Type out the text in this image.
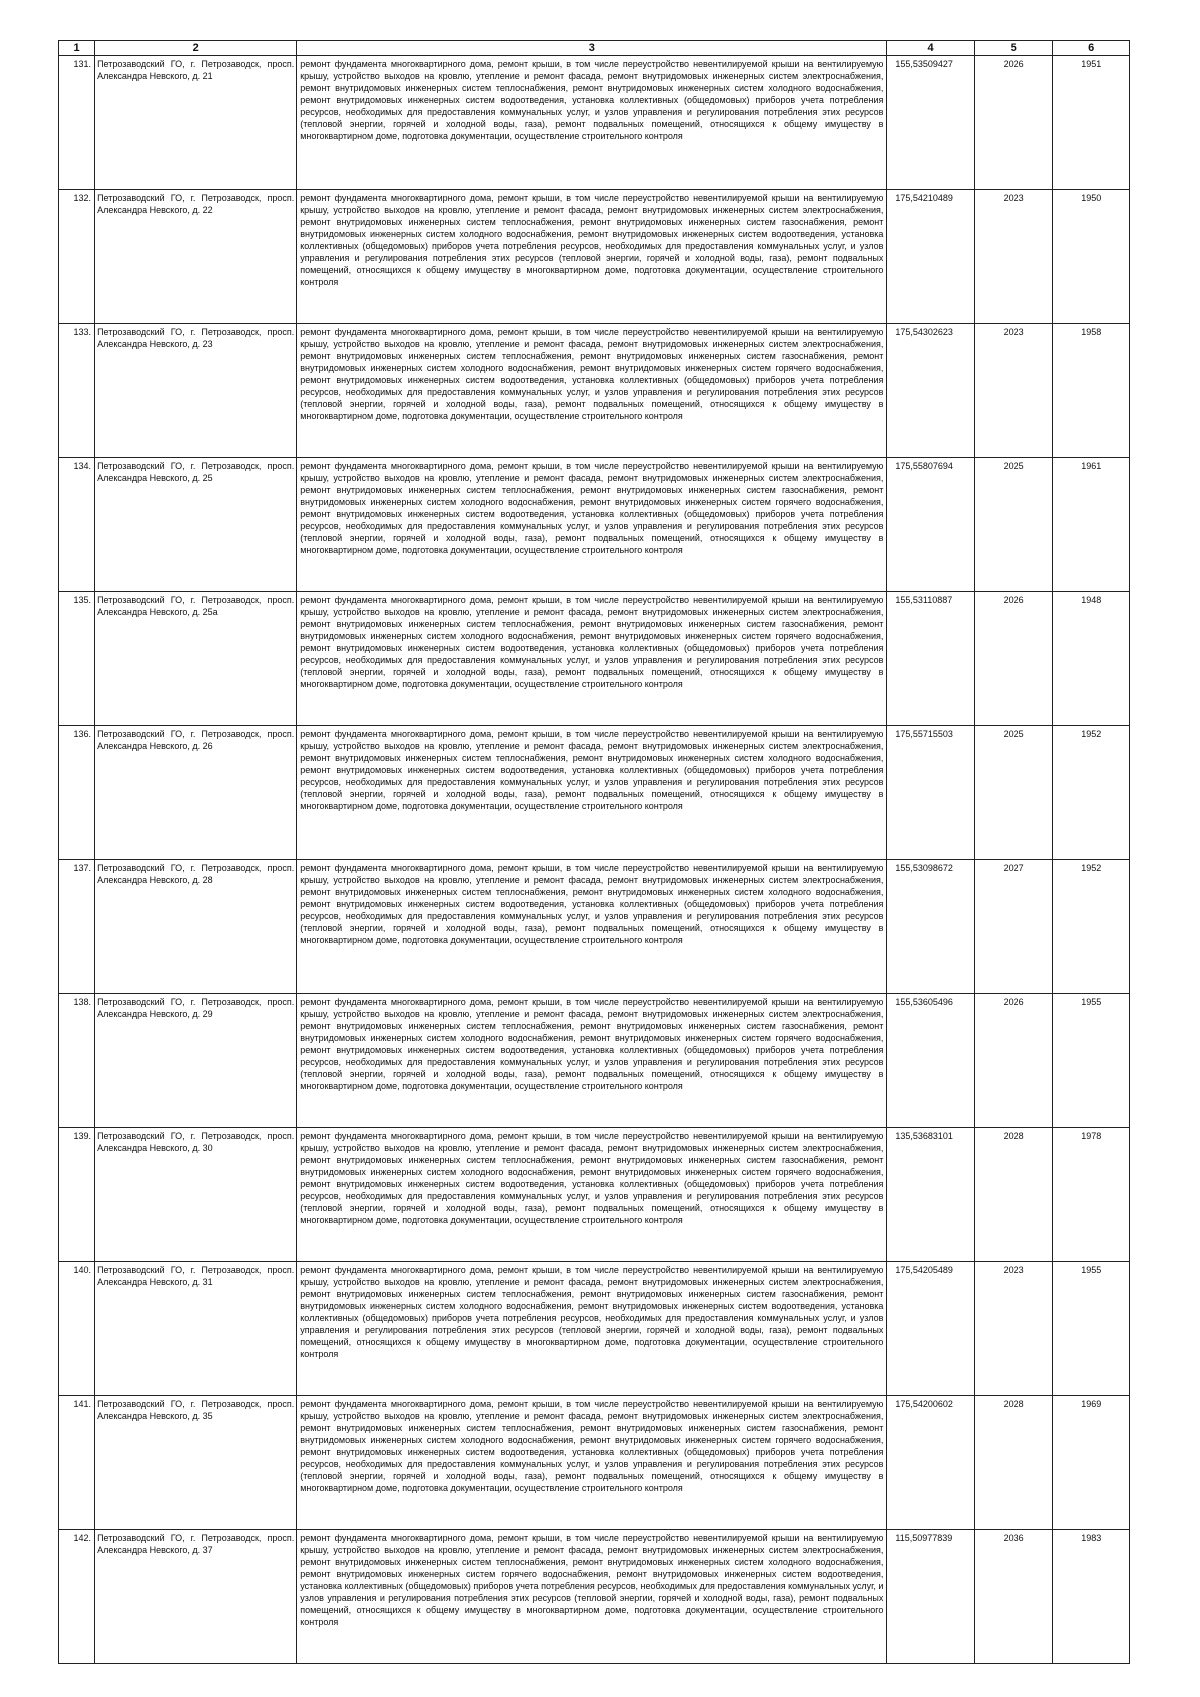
1	2	3	4	5	6
131.	Петрозаводский ГО, г. Петрозаводск, просп. Александра Невского, д. 21	ремонт фундамента многоквартирного дома, ремонт крыши, в том числе переустройство невентилируемой крыши на вентилируемую крышу, устройство выходов на кровлю, утепление и ремонт фасада, ремонт внутридомовых инженерных систем электроснабжения, ремонт внутридомовых инженерных систем теплоснабжения, ремонт внутридомовых инженерных систем холодного водоснабжения, ремонт внутридомовых инженерных систем водоотведения, установка коллективных (общедомовых) приборов учета потребления ресурсов, необходимых для предоставления коммунальных услуг, и узлов управления и регулирования потребления этих ресурсов (тепловой энергии, горячей и холодной воды, газа), ремонт подвальных помещений, относящихся к общему имуществу в многоквартирном доме, подготовка документации, осуществление строительного контроля	155,53509427	2026	1951
132.	Петрозаводский ГО, г. Петрозаводск, просп. Александра Невского, д. 22	ремонт фундамента многоквартирного дома, ремонт крыши, в том числе переустройство невентилируемой крыши на вентилируемую крышу, устройство выходов на кровлю, утепление и ремонт фасада, ремонт внутридомовых инженерных систем электроснабжения, ремонт внутридомовых инженерных систем теплоснабжения, ремонт внутридомовых инженерных систем газоснабжения, ремонт внутридомовых инженерных систем холодного водоснабжения, ремонт внутридомовых инженерных систем водоотведения, установка коллективных (общедомовых) приборов учета потребления ресурсов, необходимых для предоставления коммунальных услуг, и узлов управления и регулирования потребления этих ресурсов (тепловой энергии, горячей и холодной воды, газа), ремонт подвальных помещений, относящихся к общему имуществу в многоквартирном доме, подготовка документации, осуществление строительного контроля	175,54210489	2023	1950
133.	Петрозаводский ГО, г. Петрозаводск, просп. Александра Невского, д. 23	ремонт фундамента многоквартирного дома, ремонт крыши, в том числе переустройство невентилируемой крыши на вентилируемую крышу, устройство выходов на кровлю, утепление и ремонт фасада, ремонт внутридомовых инженерных систем электроснабжения, ремонт внутридомовых инженерных систем теплоснабжения, ремонт внутридомовых инженерных систем газоснабжения, ремонт внутридомовых инженерных систем холодного водоснабжения, ремонт внутридомовых инженерных систем горячего водоснабжения, ремонт внутридомовых инженерных систем водоотведения, установка коллективных (общедомовых) приборов учета потребления ресурсов, необходимых для предоставления коммунальных услуг, и узлов управления и регулирования потребления этих ресурсов (тепловой энергии, горячей и холодной воды, газа), ремонт подвальных помещений, относящихся к общему имуществу в многоквартирном доме, подготовка документации, осуществление строительного контроля	175,54302623	2023	1958
134.	Петрозаводский ГО, г. Петрозаводск, просп. Александра Невского, д. 25	ремонт фундамента многоквартирного дома, ремонт крыши, в том числе переустройство невентилируемой крыши на вентилируемую крышу, устройство выходов на кровлю, утепление и ремонт фасада, ремонт внутридомовых инженерных систем электроснабжения, ремонт внутридомовых инженерных систем теплоснабжения, ремонт внутридомовых инженерных систем газоснабжения, ремонт внутридомовых инженерных систем холодного водоснабжения, ремонт внутридомовых инженерных систем горячего водоснабжения, ремонт внутридомовых инженерных систем водоотведения, установка коллективных (общедомовых) приборов учета потребления ресурсов, необходимых для предоставления коммунальных услуг, и узлов управления и регулирования потребления этих ресурсов (тепловой энергии, горячей и холодной воды, газа), ремонт подвальных помещений, относящихся к общему имуществу в многоквартирном доме, подготовка документации, осуществление строительного контроля	175,55807694	2025	1961
135.	Петрозаводский ГО, г. Петрозаводск, просп. Александра Невского, д. 25а	ремонт фундамента многоквартирного дома, ремонт крыши, в том числе переустройство невентилируемой крыши на вентилируемую крышу, устройство выходов на кровлю, утепление и ремонт фасада, ремонт внутридомовых инженерных систем электроснабжения, ремонт внутридомовых инженерных систем теплоснабжения, ремонт внутридомовых инженерных систем газоснабжения, ремонт внутридомовых инженерных систем холодного водоснабжения, ремонт внутридомовых инженерных систем горячего водоснабжения, ремонт внутридомовых инженерных систем водоотведения, установка коллективных (общедомовых) приборов учета потребления ресурсов, необходимых для предоставления коммунальных услуг, и узлов управления и регулирования потребления этих ресурсов (тепловой энергии, горячей и холодной воды, газа), ремонт подвальных помещений, относящихся к общему имуществу в многоквартирном доме, подготовка документации, осуществление строительного контроля	155,53110887	2026	1948
136.	Петрозаводский ГО, г. Петрозаводск, просп. Александра Невского, д. 26	ремонт фундамента многоквартирного дома, ремонт крыши, в том числе переустройство невентилируемой крыши на вентилируемую крышу, устройство выходов на кровлю, утепление и ремонт фасада, ремонт внутридомовых инженерных систем электроснабжения, ремонт внутридомовых инженерных систем теплоснабжения, ремонт внутридомовых инженерных систем холодного водоснабжения, ремонт внутридомовых инженерных систем водоотведения, установка коллективных (общедомовых) приборов учета потребления ресурсов, необходимых для предоставления коммунальных услуг, и узлов управления и регулирования потребления этих ресурсов (тепловой энергии, горячей и холодной воды, газа), ремонт подвальных помещений, относящихся к общему имуществу в многоквартирном доме, подготовка документации, осуществление строительного контроля	175,55715503	2025	1952
137.	Петрозаводский ГО, г. Петрозаводск, просп. Александра Невского, д. 28	ремонт фундамента многоквартирного дома, ремонт крыши, в том числе переустройство невентилируемой крыши на вентилируемую крышу, устройство выходов на кровлю, утепление и ремонт фасада, ремонт внутридомовых инженерных систем электроснабжения, ремонт внутридомовых инженерных систем теплоснабжения, ремонт внутридомовых инженерных систем холодного водоснабжения, ремонт внутридомовых инженерных систем водоотведения, установка коллективных (общедомовых) приборов учета потребления ресурсов, необходимых для предоставления коммунальных услуг, и узлов управления и регулирования потребления этих ресурсов (тепловой энергии, горячей и холодной воды, газа), ремонт подвальных помещений, относящихся к общему имуществу в многоквартирном доме, подготовка документации, осуществление строительного контроля	155,53098672	2027	1952
138.	Петрозаводский ГО, г. Петрозаводск, просп. Александра Невского, д. 29	ремонт фундамента многоквартирного дома, ремонт крыши, в том числе переустройство невентилируемой крыши на вентилируемую крышу, устройство выходов на кровлю, утепление и ремонт фасада, ремонт внутридомовых инженерных систем электроснабжения, ремонт внутридомовых инженерных систем теплоснабжения, ремонт внутридомовых инженерных систем газоснабжения, ремонт внутридомовых инженерных систем холодного водоснабжения, ремонт внутридомовых инженерных систем горячего водоснабжения, ремонт внутридомовых инженерных систем водоотведения, установка коллективных (общедомовых) приборов учета потребления ресурсов, необходимых для предоставления коммунальных услуг, и узлов управления и регулирования потребления этих ресурсов (тепловой энергии, горячей и холодной воды, газа), ремонт подвальных помещений, относящихся к общему имуществу в многоквартирном доме, подготовка документации, осуществление строительного контроля	155,53605496	2026	1955
139.	Петрозаводский ГО, г. Петрозаводск, просп. Александра Невского, д. 30	ремонт фундамента многоквартирного дома, ремонт крыши, в том числе переустройство невентилируемой крыши на вентилируемую крышу, устройство выходов на кровлю, утепление и ремонт фасада, ремонт внутридомовых инженерных систем электроснабжения, ремонт внутридомовых инженерных систем теплоснабжения, ремонт внутридомовых инженерных систем газоснабжения, ремонт внутридомовых инженерных систем холодного водоснабжения, ремонт внутридомовых инженерных систем горячего водоснабжения, ремонт внутридомовых инженерных систем водоотведения, установка коллективных (общедомовых) приборов учета потребления ресурсов, необходимых для предоставления коммунальных услуг, и узлов управления и регулирования потребления этих ресурсов (тепловой энергии, горячей и холодной воды, газа), ремонт подвальных помещений, относящихся к общему имуществу в многоквартирном доме, подготовка документации, осуществление строительного контроля	135,53683101	2028	1978
140.	Петрозаводский ГО, г. Петрозаводск, просп. Александра Невского, д. 31	ремонт фундамента многоквартирного дома, ремонт крыши, в том числе переустройство невентилируемой крыши на вентилируемую крышу, устройство выходов на кровлю, утепление и ремонт фасада, ремонт внутридомовых инженерных систем электроснабжения, ремонт внутридомовых инженерных систем теплоснабжения, ремонт внутридомовых инженерных систем газоснабжения, ремонт внутридомовых инженерных систем холодного водоснабжения, ремонт внутридомовых инженерных систем водоотведения, установка коллективных (общедомовых) приборов учета потребления ресурсов, необходимых для предоставления коммунальных услуг, и узлов управления и регулирования потребления этих ресурсов (тепловой энергии, горячей и холодной воды, газа), ремонт подвальных помещений, относящихся к общему имуществу в многоквартирном доме, подготовка документации, осуществление строительного контроля	175,54205489	2023	1955
141.	Петрозаводский ГО, г. Петрозаводск, просп. Александра Невского, д. 35	ремонт фундамента многоквартирного дома, ремонт крыши, в том числе переустройство невентилируемой крыши на вентилируемую крышу, устройство выходов на кровлю, утепление и ремонт фасада, ремонт внутридомовых инженерных систем электроснабжения, ремонт внутридомовых инженерных систем теплоснабжения, ремонт внутридомовых инженерных систем газоснабжения, ремонт внутридомовых инженерных систем холодного водоснабжения, ремонт внутридомовых инженерных систем горячего водоснабжения, ремонт внутридомовых инженерных систем водоотведения, установка коллективных (общедомовых) приборов учета потребления ресурсов, необходимых для предоставления коммунальных услуг, и узлов управления и регулирования потребления этих ресурсов (тепловой энергии, горячей и холодной воды, газа), ремонт подвальных помещений, относящихся к общему имуществу в многоквартирном доме, подготовка документации, осуществление строительного контроля	175,54200602	2028	1969
142.	Петрозаводский ГО, г. Петрозаводск, просп. Александра Невского, д. 37	ремонт фундамента многоквартирного дома, ремонт крыши, в том числе переустройство невентилируемой крыши на вентилируемую крышу, устройство выходов на кровлю, утепление и ремонт фасада, ремонт внутридомовых инженерных систем электроснабжения, ремонт внутридомовых инженерных систем теплоснабжения, ремонт внутридомовых инженерных систем холодного водоснабжения, ремонт внутридомовых инженерных систем горячего водоснабжения, ремонт внутридомовых инженерных систем водоотведения, установка коллективных (общедомовых) приборов учета потребления ресурсов, необходимых для предоставления коммунальных услуг, и узлов управления и регулирования потребления этих ресурсов (тепловой энергии, горячей и холодной воды, газа), ремонт подвальных помещений, относящихся к общему имуществу в многоквартирном доме, подготовка документации, осуществление строительного контроля	115,50977839	2036	1983
